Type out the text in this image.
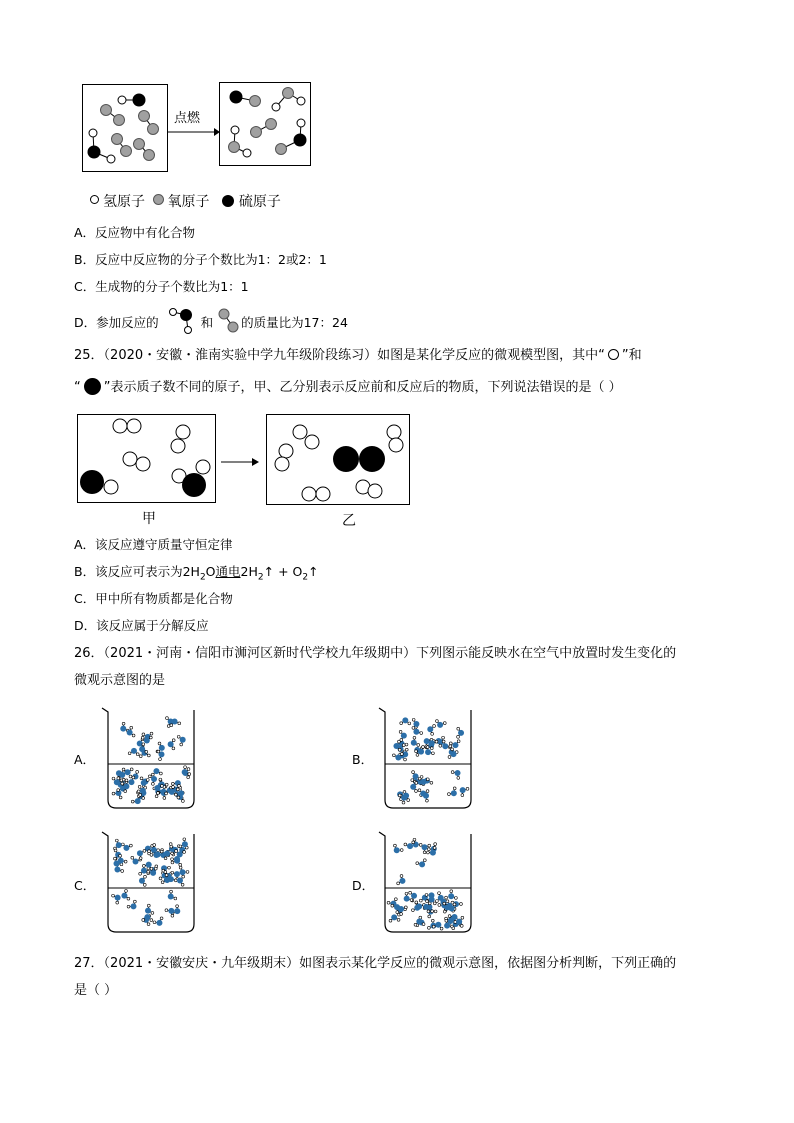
点燃
氢原子 氧原子 硫原子
A．反应物中有化合物
B．反应中反应物的分子个数比为1：2或2：1
C．生成物的分子个数比为1：1
D．参加反应的	和 的质量比为17：24
25．（2020・安徽・淮南实验中学九年级阶段练习）如图是某化学反应的微观模型图，其中“ ”和
“ ”表示质子数不同的原子，甲、乙分别表示反应前和反应后的物质，下列说法错误的是（ ）
甲	乙
A．该反应遵守质量守恒定律
B．该反应可表示为$2H_2O$通电$2H_2↑$ + $O_2↑$
C．甲中所有物质都是化合物
D．该反应属于分解反应
26．（2021・河南・信阳市浉河区新时代学校九年级期中）下列图示能反映水在空气中放置时发生变化的
微观示意图的是
A．	B．
C．	D．
27．（2021・安徽安庆・九年级期末）如图表示某化学反应的微观示意图，依据图分析判断，下列正确的
是（ ）
